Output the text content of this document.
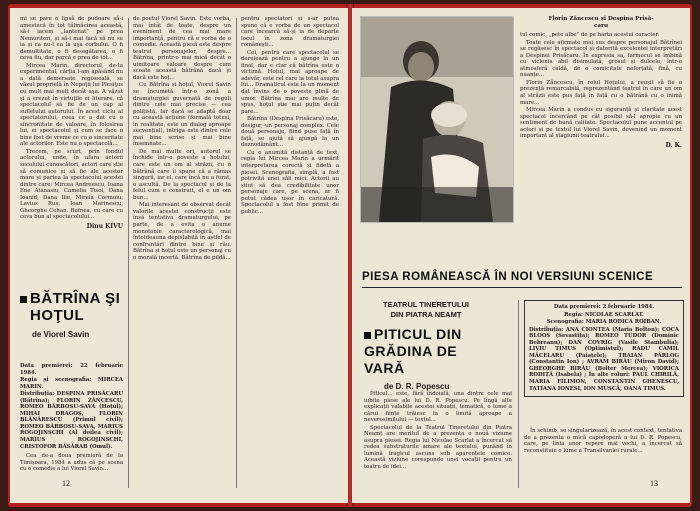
mi se pare o lipsă de pudoare să-i amestecă în tot tălmăcirea această, să-i iacem „lantenat" pe prea Nemuritori, și să-i mai facă să nu se ia și ca nu-l ea la uşa corbului. O fi demultitate, o fi desegătarea, o fi ceva fiu, dar parcă e prea de tot...

Mircea Marin, directorul, de-ta experimental, cărția l-am apăsând nu a dată demersate regiseeală, se văzut proprielă în Nepoţii lui Plesiţus cu mult mai mult decât aşa. A văzut şi a crezut în virtuţile ei literare, că spectacolul să fie de un cap al sufletului autorului. În acest ciclu al spectatorului, ceea ce a dat cu o sincronitate de valoare, în folosirea lui, ei spectacolul și cum se face o bine fost de vreme ce cu o sinceritate ale actorilor. Este nu o spectacolă...

Trecem, pe scurt, prin fondul actorului, unde, în afara actorii secolului cunoscători, actori care știe să comunice și să fie ale acestor mare și partea la spectacolul acestei dintre care: Mircea Andreescu, Ioana Ene Atanasiu, Camelia Tisoi, Dana Ioanid, Dana Ilie, Mirela Cormoiu, Lavius Rus, Ioan Marinescu, Gheorghe Cehan. Bufnea, cu care cu ceva bun al spectacolului...

Dinu KIVU
BĂTRÎNA ŞI
HOŢUL
de Viorel Savin

Data premierei: 22 februarie 1984.

Regia și scenografia: MIRCEA MARIN.

Distribuția: DESPINA PRISĂCARU (Bătrîna); FLORIN ZĂNCESCU, ROMEO BĂRBOSU-SAVA (Hoțul); MIHAI DRAGOȘ, FLORIN BLĂNĂRESCU (Primul civil); ROMEO BĂRBOSU-SAVA, MARIUS ROGOJINSCHI (Al doilea civil); MARIUS ROGOJINSCHI, CRISTOFOR BĂSĂRAB (Omul).

Cea de-a doua premieră de la Timișoara, 1984 a adus că pe scena cu o comedie a lui Viorel Savin...

de poetul Viorel Savin. Este vorba, mai întâi de toate, despre un eveniment de cea mai mare importanță, pentru că e vorba de o comedie. Această piesă este despre teatrul personajelor, despre... Bătrîna, printr-o mai mică decât o uimitoare valoare despre cum scoate această bătrână dacă și dacă este hoț...

Cu Bătrîna și hoțul, Viorel Savin se încumetă într-o zonă a dramaturgiei guvernată de reguli dintre cele mai precise — cea polițistă. Iar dacă se adaptă doar cu această acțiune (formală totuși, în realitate, este un dialog aproape secvențial), intriga este dintre cele mai bine scrise și mai bine însemnate...

De mai multe ori, autorul se închide într-o poveste a hoțului, care este un om al străzii, cu o bătrână care îi spune că a rămas singură, iar el, care încă nu a furat, o ascultă. De la spectacol și de la felul cum e construit, el e un om bun...

Mai interesant de observat decât valorile acestei construcții este însă tentativa dramaturgului, pe parte, de a evita o anume monotonie caracterologică, mai întotdeauna depistabilă în astfel de confruntări dintre bine și rău. Bătrîna și hoțul este un personaj cu o morală incertă. Bătrîna de pildă...

pentru spectatori și s-ar putea spune că e vorba de un spectacol care încearcă să-și ia de departe locul în zona dramaturgiei românești...

Cel, pentru care spectacolul se derulează pentru a ajunge la un final, dar e clar că bătrîna este o victimă. Hoțul, mai aproape de adevăr, este cel care ia totul asupra lui... Dramaticul este la un moment dat învins de o poveste plină de umor. Bătrîna mai are multe de spus, hoțul știe mai puțin decât pare...

Bătrîna (Despina Prisăcaru) este, desigur, un personaj complex. Cele două personaje, fiind puse față în față, se ajută să ajungă la un deznodământ...

Cu o anumită distanță de text, regia lui Mircea Marin a urmărit interpretarea corectă și fidelă a piesei. Scenografia, simplă, a fost potrivită unei săli mici. Actorii au știut să dea credibilitate unor personaje care, pe scena, ar fi putut cădea ușor în caricatură. Spectacolul a fost bine primit de public...

12
Florin Zăncescu și Despina Prisă-
caru

tul comic, „pete albe" de pe harta acestui caracter.

Toate cele afirmate mai sus despre personajul Bătrînei se regăsesc în spectacol și datorită excelentei interpretări a Despinei Prisăcaru. În expresia sa, farmecul se îmbină cu viclenia abil disimulată, grosul și dulcele, într-o atmosferă caldă, de o comicitate neforțată, fină, cu nuanțe...

Florin Zăncescu, în rolul Hoțului, a reușit să fie o prezență remarcabilă, reprezentând teatrul în care un om al străzii este pus față în față cu o bătrână cu o inimă mare...

Mircea Marin a condus cu siguranță și claritate acest spectacol încercând pe cât posibil să-l apropie cu un sentiment de bună calitate. Spectacolul pune accentul pe actori și pe textul lui Viorel Savin, devenind un moment important al stagiunii teatrului...

D. K.
PIESA ROMÂNEASCĂ ÎN NOI VERSIUNI SCENICE
TEATRUL TINERETULUI
DIN PIATRA NEAMȚ
PITICUL DIN
GRĂDINA DE VARĂ
de D. R. Popescu

Piticul... este, fără îndoială, una dintre cele mai iubite piese ale lui D. R. Popescu. Pe lîngă alte explicații valabile acestei situații, tematică, o lume a cărui ființe trăiesc la o limită aproape a neverosimilului — textul...

Spectacolul de la Teatrul Tineretului din Piatra Neamț are meritul de a prezenta o nouă viziune asupra piesei. Regia lui Nicolae Scarlat a încercat să redea substraturile amare ale textului, punând în lumină tragicul ascuns sub aparențele comice. Această viziune corespunde unei vocații pentru un teatru de idei...

Data premierei: 2 februarie 1984.

Regia: NICOLAE SCARLAT.

Scenografia: MARIA RODICA ROIBAN.

Distribuția: ANA CIONTEA (Maria Bolton); COCA BLOOS (Sevastița); ROMEO TUDOR (Dominic Bebreanu); DAN COVRIG (Vasile Stambulia); LIVIU TIMUS (Optimistul); RADU CAMIL MĂCELARU (Paiațele); TRAIAN PÂRLOG (Constantin Ion) ; AVRAM BIRĂU (Miron David); GHEORGHE BIRĂU (Bolter Mercea); VIORICA RODIȚĂ (Isabela) ; În alte roluri: PAUL CHIRILĂ, MARIA FILIMON, CONSTANTIN GHENESCU, TATIANA IONESI, ION MUSCĂ, OANA TIMUS.

În schimb, se singularizează, în acest context, tentativa de a prezenta o mică capodoperă a lui D. R. Popescu, care, pe linia unor repere mai vechi, a încercat să reconstituie o lume a Transilvaniei rurale...

13
